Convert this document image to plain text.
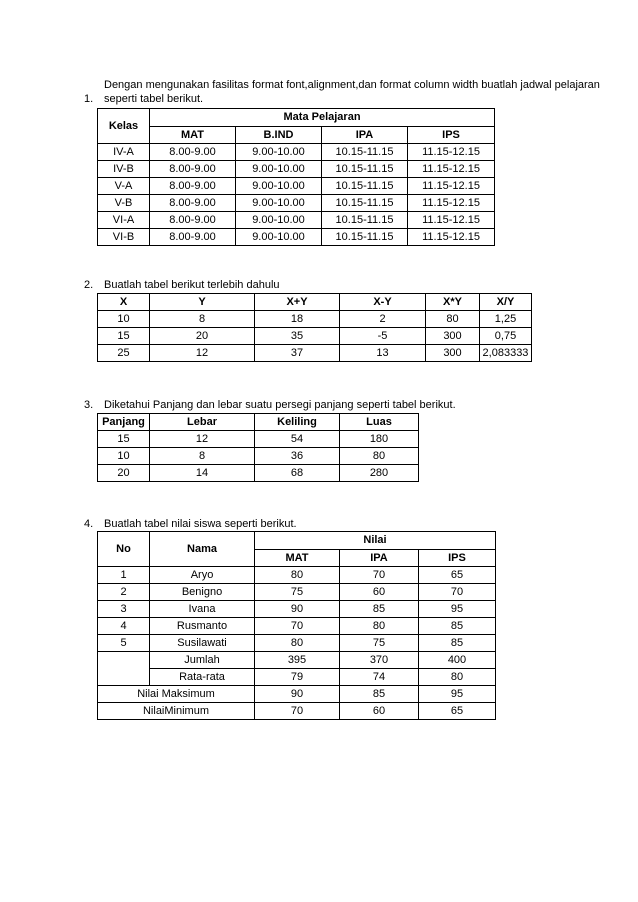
Dengan mengunakan fasilitas format font,alignment,dan format column width buatlah jadwal pelajaran
1. seperti tabel berikut.
Kelas	Mata Pelajaran			
	MAT	B.IND	IPA	IPS
IV-A	8.00-9.00	9.00-10.00	10.15-11.15	11.15-12.15
IV-B	8.00-9.00	9.00-10.00	10.15-11.15	11.15-12.15
V-A	8.00-9.00	9.00-10.00	10.15-11.15	11.15-12.15
V-B	8.00-9.00	9.00-10.00	10.15-11.15	11.15-12.15
VI-A	8.00-9.00	9.00-10.00	10.15-11.15	11.15-12.15
VI-B	8.00-9.00	9.00-10.00	10.15-11.15	11.15-12.15
2. Buatlah tabel berikut terlebih dahulu
X	Y	X+Y	X-Y	X*Y	X/Y
10	8	18	2	80	1,25
15	20	35	-5	300	0,75
25	12	37	13	300	2,083333
3. Diketahui Panjang dan lebar suatu persegi panjang seperti tabel berikut.
Panjang	Lebar	Keliling	Luas
15	12	54	180
10	8	36	80
20	14	68	280
4. Buatlah tabel nilai siswa seperti berikut.
No	Nama	Nilai		
		MAT	IPA	IPS
1	Aryo	80	70	65
2	Benigno	75	60	70
3	Ivana	90	85	95
4	Rusmanto	70	80	85
5	Susilawati	80	75	85
	Jumlah	395	370	400
	Rata-rata	79	74	80
Nilai Maksimum		90	85	95
NilaiMinimum		70	60	65
